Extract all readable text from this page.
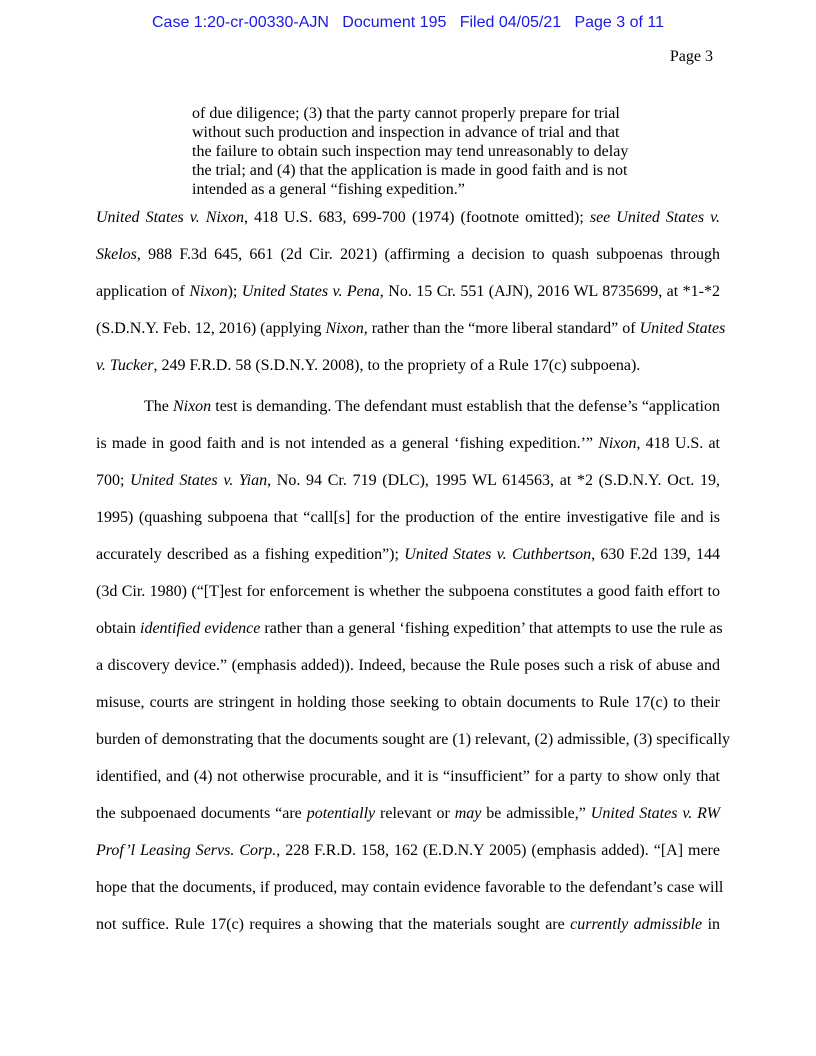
Case 1:20-cr-00330-AJN Document 195 Filed 04/05/21 Page 3 of 11
Page 3
of due diligence; (3) that the party cannot properly prepare for trial
without such production and inspection in advance of trial and that
the failure to obtain such inspection may tend unreasonably to delay
the trial; and (4) that the application is made in good faith and is not
intended as a general “fishing expedition.”
United States v. Nixon, 418 U.S. 683, 699-700 (1974) (footnote omitted); see United States v.
Skelos, 988 F.3d 645, 661 (2d Cir. 2021) (affirming a decision to quash subpoenas through
application of Nixon); United States v. Pena, No. 15 Cr. 551 (AJN), 2016 WL 8735699, at *1-*2
(S.D.N.Y. Feb. 12, 2016) (applying Nixon, rather than the “more liberal standard” of United States
v. Tucker, 249 F.R.D. 58 (S.D.N.Y. 2008), to the propriety of a Rule 17(c) subpoena).
The Nixon test is demanding. The defendant must establish that the defense’s “application
is made in good faith and is not intended as a general ‘fishing expedition.’” Nixon, 418 U.S. at
700; United States v. Yian, No. 94 Cr. 719 (DLC), 1995 WL 614563, at *2 (S.D.N.Y. Oct. 19,
1995) (quashing subpoena that “call[s] for the production of the entire investigative file and is
accurately described as a fishing expedition”); United States v. Cuthbertson, 630 F.2d 139, 144
(3d Cir. 1980) (“[T]est for enforcement is whether the subpoena constitutes a good faith effort to
obtain identified evidence rather than a general ‘fishing expedition’ that attempts to use the rule as
a discovery device.” (emphasis added)). Indeed, because the Rule poses such a risk of abuse and
misuse, courts are stringent in holding those seeking to obtain documents to Rule 17(c) to their
burden of demonstrating that the documents sought are (1) relevant, (2) admissible, (3) specifically
identified, and (4) not otherwise procurable, and it is “insufficient” for a party to show only that
the subpoenaed documents “are potentially relevant or may be admissible,” United States v. RW
Prof’l Leasing Servs. Corp., 228 F.R.D. 158, 162 (E.D.N.Y 2005) (emphasis added). “[A] mere
hope that the documents, if produced, may contain evidence favorable to the defendant’s case will
not suffice. Rule 17(c) requires a showing that the materials sought are currently admissible in
